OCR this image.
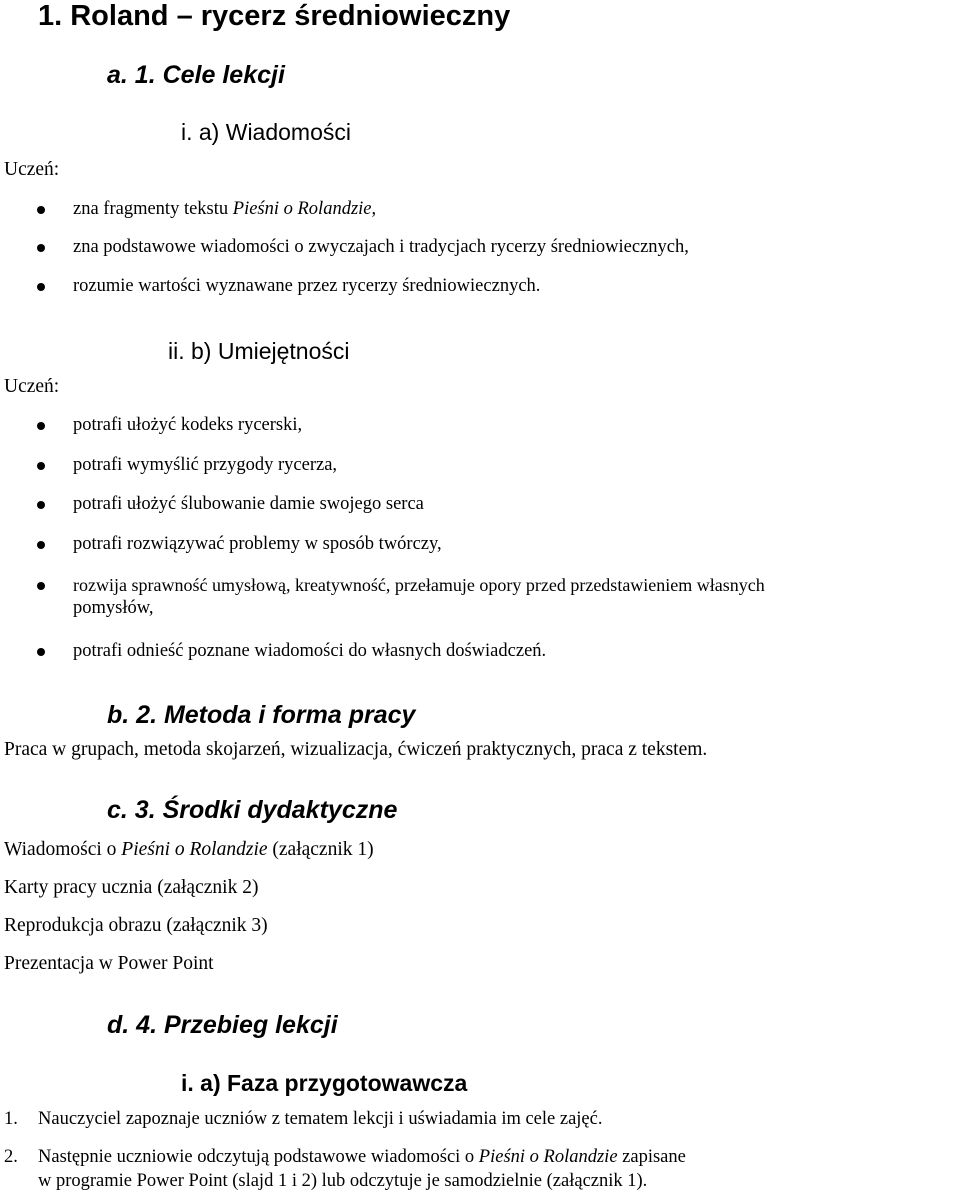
1. Roland – rycerz średniowieczny
a. 1. Cele lekcji
i. a) Wiadomości
Uczeń:
zna fragmenty tekstu Pieśni o Rolandzie,
zna podstawowe wiadomości o zwyczajach i tradycjach rycerzy średniowiecznych,
rozumie wartości wyznawane przez rycerzy średniowiecznych.
ii. b) Umiejętności
Uczeń:
potrafi ułożyć kodeks rycerski,
potrafi wymyślić przygody rycerza,
potrafi ułożyć ślubowanie damie swojego serca
potrafi rozwiązywać problemy w sposób twórczy,
rozwija sprawność umysłową, kreatywność, przełamuje opory przed przedstawieniem własnych
pomysłów,
potrafi odnieść poznane wiadomości do własnych doświadczeń.
b. 2. Metoda i forma pracy
Praca w grupach, metoda skojarzeń, wizualizacja, ćwiczeń praktycznych, praca z tekstem.
c. 3. Środki dydaktyczne
Wiadomości o Pieśni o Rolandzie (załącznik 1)
Karty pracy ucznia (załącznik 2)
Reprodukcja obrazu (załącznik 3)
Prezentacja w Power Point
d. 4. Przebieg lekcji
i. a) Faza przygotowawcza
1. Nauczyciel zapoznaje uczniów z tematem lekcji i uświadamia im cele zajęć.
2. Następnie uczniowie odczytują podstawowe wiadomości o Pieśni o Rolandzie zapisane
w programie Power Point (slajd 1 i 2) lub odczytuje je samodzielnie (załącznik 1).
